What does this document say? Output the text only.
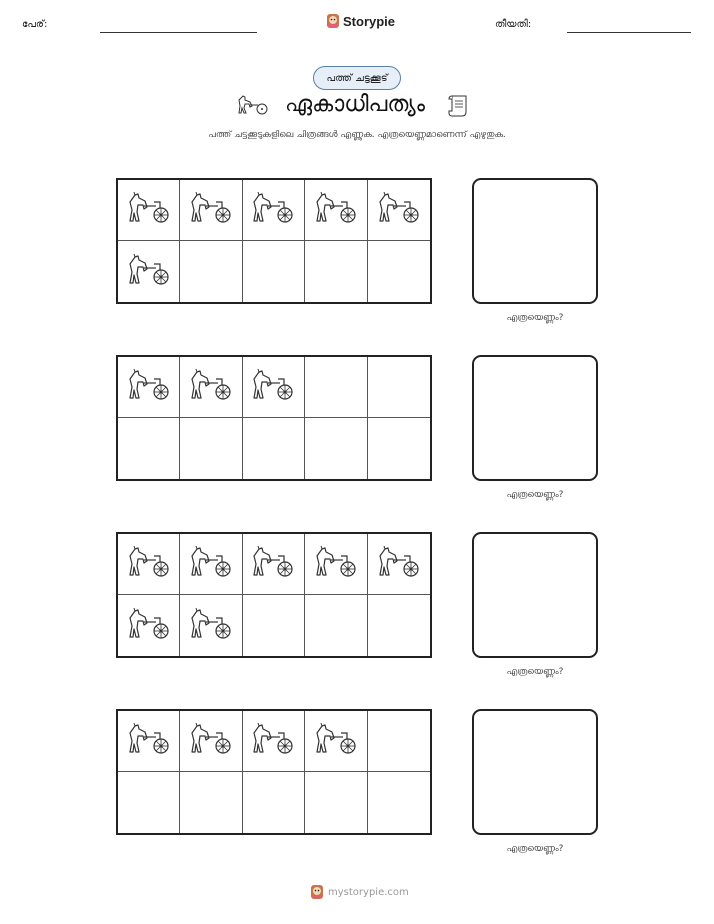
പേര്:	Storypie	തീയതി:
പത്ത് ചട്ടക്കൂട്
ഏകാധിപത്യം
പത്ത് ചട്ടക്കൂടുകളിലെ ചിത്രങ്ങൾ എണ്ണുക. എത്രയെണ്ണമാണെന്ന് എഴുതുക.
എത്രയെണ്ണം?
എത്രയെണ്ണം?
എത്രയെണ്ണം?
എത്രയെണ്ണം?
mystorypie.com
